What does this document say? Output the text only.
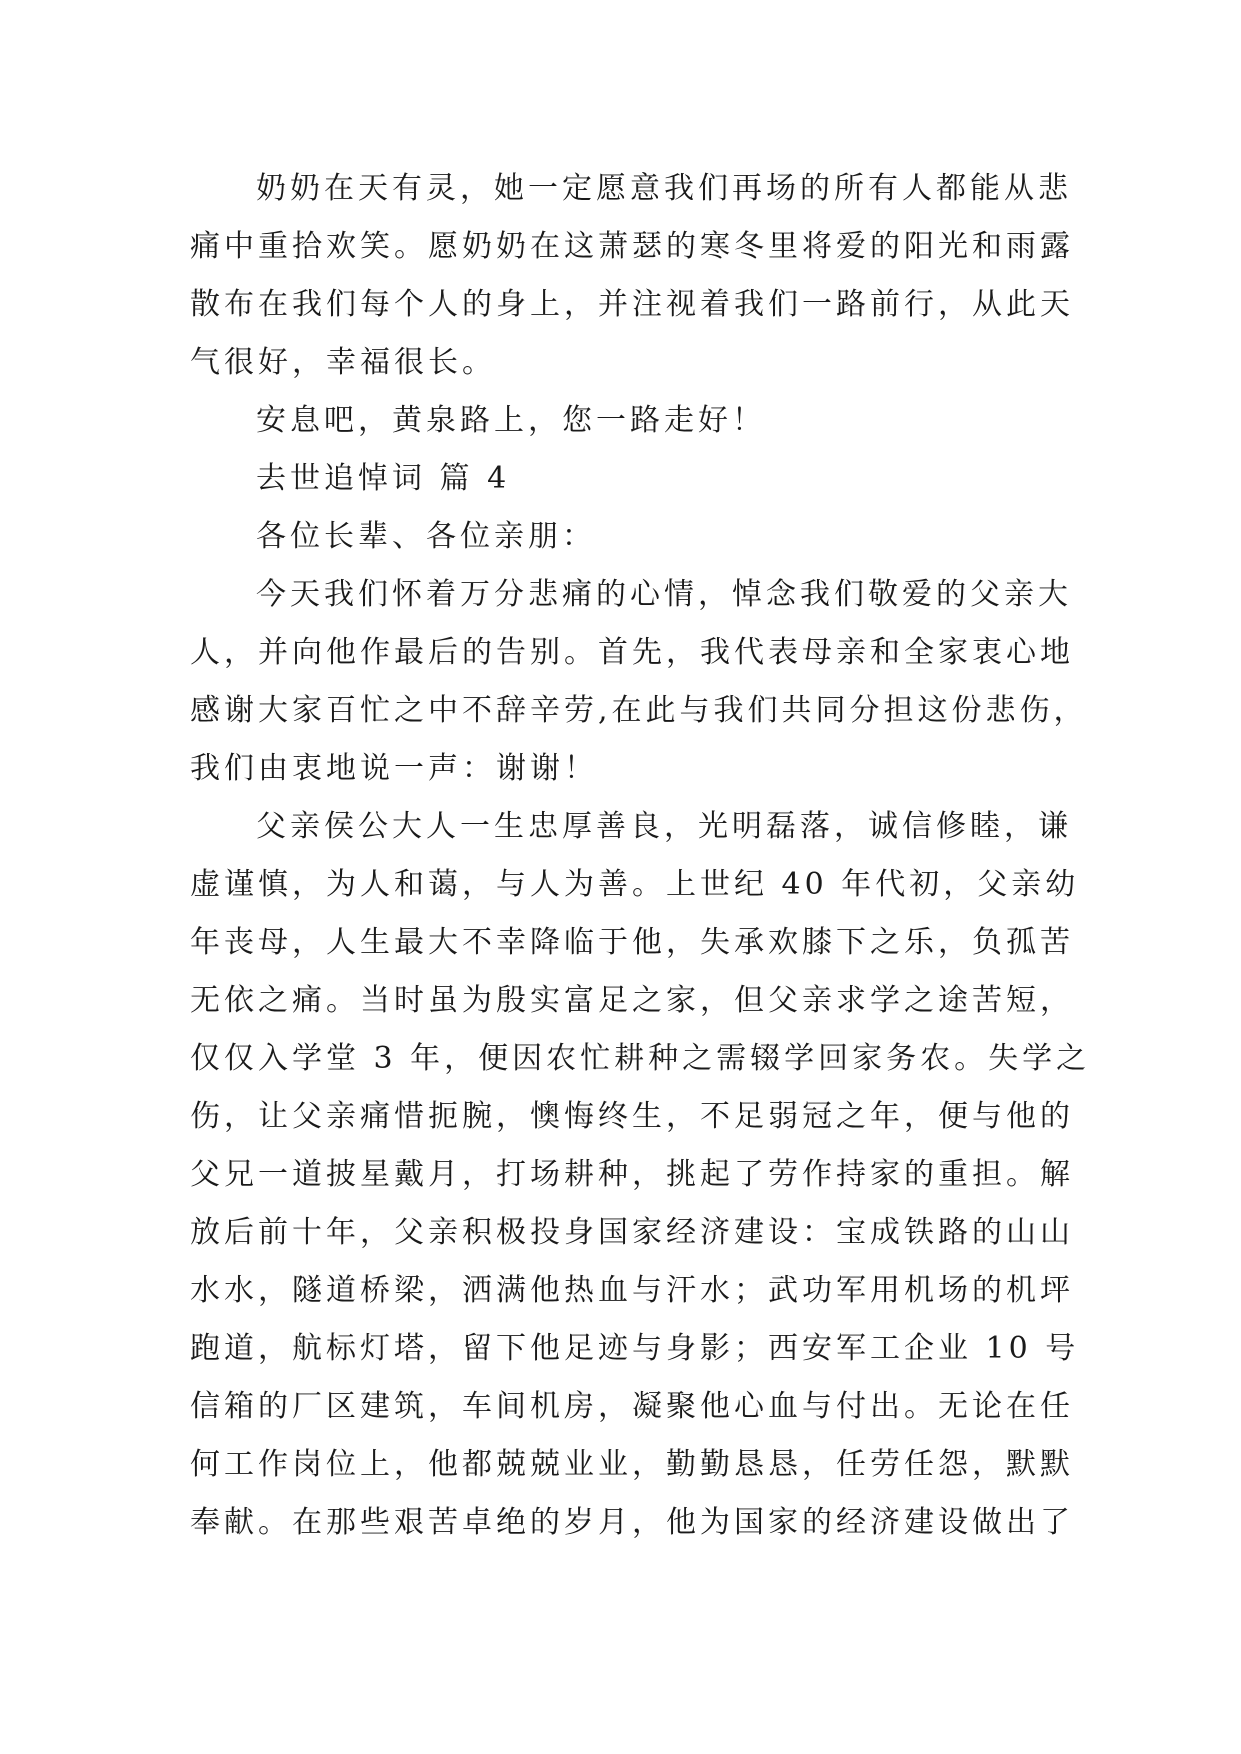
奶奶在天有灵，她一定愿意我们再场的所有人都能从悲
痛中重拾欢笑。愿奶奶在这萧瑟的寒冬里将爱的阳光和雨露
散布在我们每个人的身上，并注视着我们一路前行，从此天
气很好，幸福很长。
安息吧，黄泉路上，您一路走好！
去世追悼词 篇 4
各位长辈、各位亲朋：
今天我们怀着万分悲痛的心情，悼念我们敬爱的父亲大
人，并向他作最后的告别。首先，我代表母亲和全家衷心地
感谢大家百忙之中不辞辛劳,在此与我们共同分担这份悲伤，
我们由衷地说一声：谢谢！
父亲侯公大人一生忠厚善良，光明磊落，诚信修睦，谦
虚谨慎，为人和蔼，与人为善。上世纪 40 年代初，父亲幼
年丧母，人生最大不幸降临于他，失承欢膝下之乐，负孤苦
无依之痛。当时虽为殷实富足之家，但父亲求学之途苦短，
仅仅入学堂 3 年，便因农忙耕种之需辍学回家务农。失学之
伤，让父亲痛惜扼腕，懊悔终生，不足弱冠之年，便与他的
父兄一道披星戴月，打场耕种，挑起了劳作持家的重担。解
放后前十年，父亲积极投身国家经济建设：宝成铁路的山山
水水，隧道桥梁，洒满他热血与汗水；武功军用机场的机坪
跑道，航标灯塔，留下他足迹与身影；西安军工企业 10 号
信箱的厂区建筑，车间机房，凝聚他心血与付出。无论在任
何工作岗位上，他都兢兢业业，勤勤恳恳，任劳任怨，默默
奉献。在那些艰苦卓绝的岁月，他为国家的经济建设做出了
